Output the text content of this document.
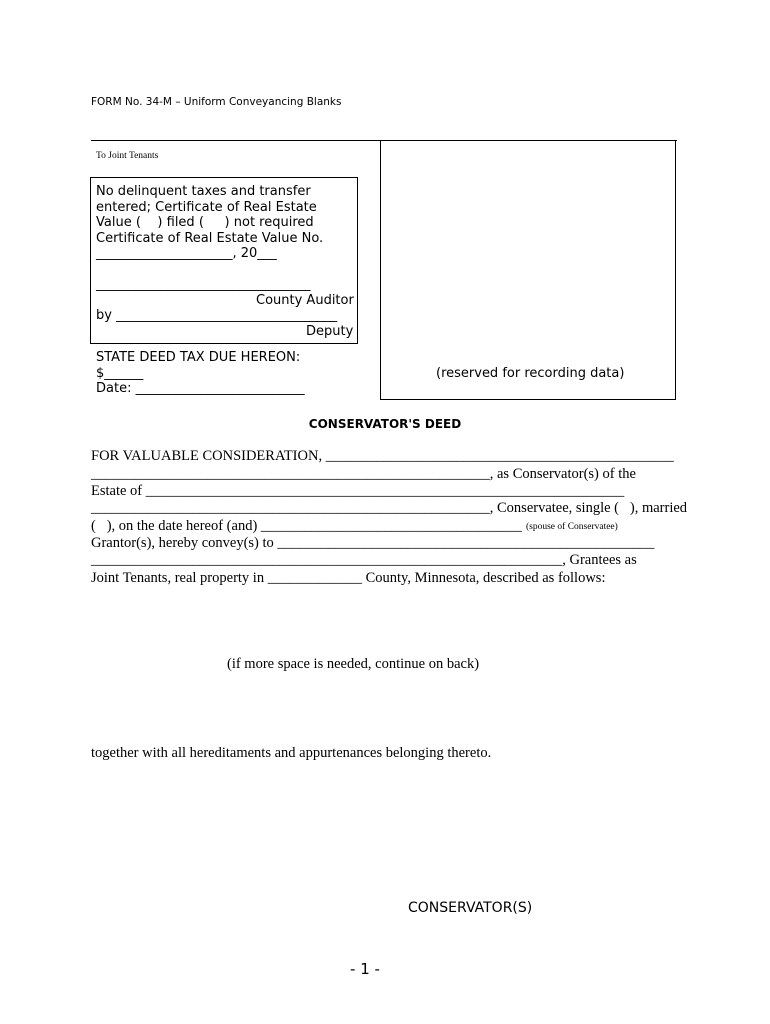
FORM No. 34-M – Uniform Conveyancing Blanks
(reserved for recording data)
To Joint Tenants
No delinquent taxes and transfer
entered; Certificate of Real Estate
Value (    ) filed (     ) not required
Certificate of Real Estate Value No.
_____________________, 20___
_________________________________
County Auditor
by __________________________________
Deputy
STATE DEED TAX DUE HEREON:
$______
Date: __________________________
CONSERVATOR'S DEED
FOR VALUABLE CONSIDERATION, ________________________________________________
_______________________________________________________, as Conservator(s) of the
Estate of __________________________________________________________________
_______________________________________________________, Conservatee, single (   ), married
(   ), on the date hereof (and) ____________________________________ (spouse of Conservatee)
Grantor(s), hereby convey(s) to ____________________________________________________
_________________________________________________________________, Grantees as
Joint Tenants, real property in _____________ County, Minnesota, described as follows:
(if more space is needed, continue on back)
together with all hereditaments and appurtenances belonging thereto.
CONSERVATOR(S)
- 1 -
